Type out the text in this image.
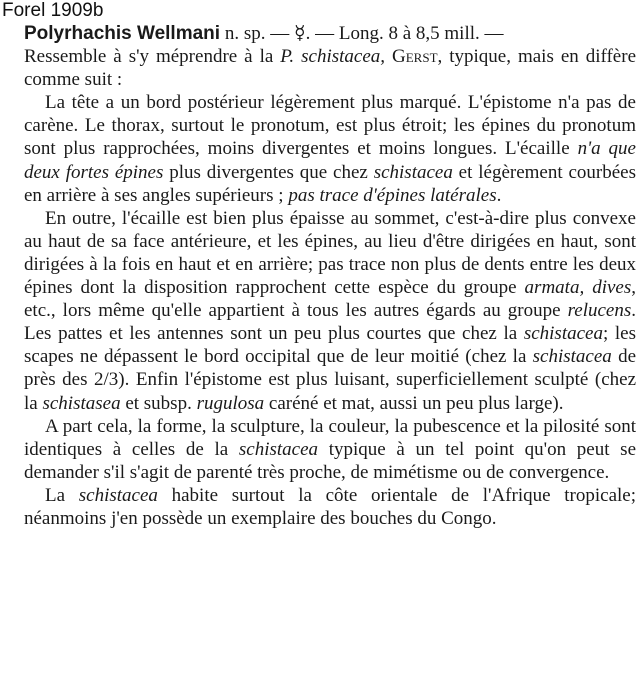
Forel 1909b

Polyrhachis Wellmani n. sp. — ☿. — Long. 8 à 8,5 mill. —

Ressemble à s'y méprendre à la P. schistacea, Gerst, typique, mais en diffère comme suit :

La tête a un bord postérieur légèrement plus marqué. L'épistome n'a pas de carène. Le thorax, surtout le pronotum, est plus étroit; les épines du pronotum sont plus rapprochées, moins divergentes et moins longues. L'écaille n'a que deux fortes épines plus divergentes que chez schistacea et légèrement courbées en arrière à ses angles supérieurs ; pas trace d'épines latérales.

En outre, l'écaille est bien plus épaisse au sommet, c'est-à-dire plus convexe au haut de sa face antérieure, et les épines, au lieu d'être dirigées en haut, sont dirigées à la fois en haut et en arrière; pas trace non plus de dents entre les deux épines dont la disposition rapprochent cette espèce du groupe armata, dives, etc., lors même qu'elle appartient à tous les autres égards au groupe relucens. Les pattes et les antennes sont un peu plus courtes que chez la schistacea; les scapes ne dépassent le bord occipital que de leur moitié (chez la schistacea de près des 2/3). Enfin l'épistome est plus luisant, superficiellement sculpté (chez la schistasea et subsp. rugulosa caréné et mat, aussi un peu plus large).

A part cela, la forme, la sculpture, la couleur, la pubescence et la pilosité sont identiques à celles de la schistacea typique à un tel point qu'on peut se demander s'il s'agit de parenté très proche, de mimétisme ou de convergence.

La schistacea habite surtout la côte orientale de l'Afrique tropicale; néanmoins j'en possède un exemplaire des bouches du Congo.
